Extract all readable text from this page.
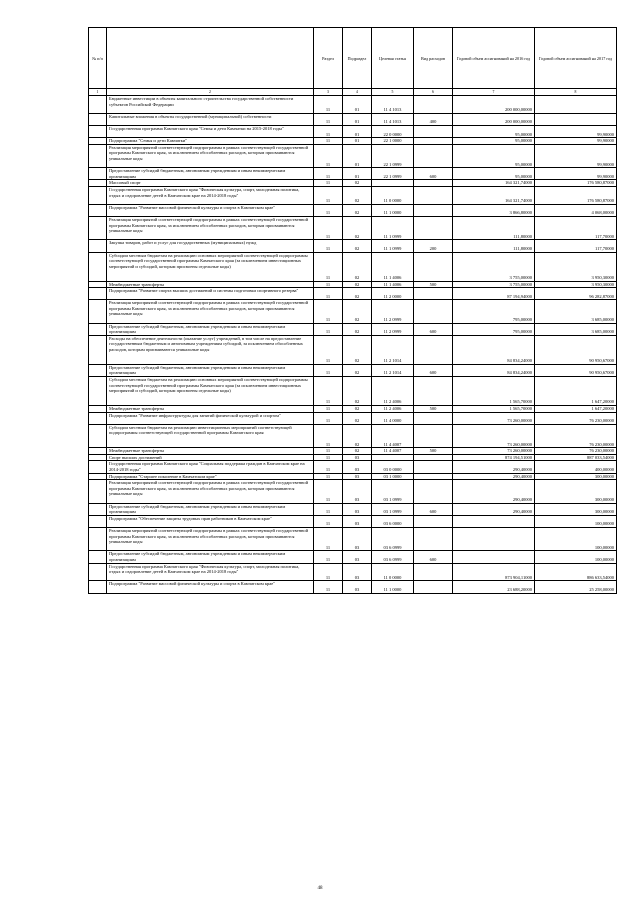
№ п/п		Раздел	Подраздел	Целевая статья	Вид расходов	Годовой объем ассигнований на 2016 год	Годовой объем ассигнований на 2017 год
1	2	3	4	5	6	7	8
	Бюджетные инвестиции в объекты капитального строительства государственной собственности субъектов Российской Федерации	11	01	11 4 1013		200 000,00000	
	Капитальные вложения в объекты государственной (муниципальной) собственности	11	01	11 4 1013	400	200 000,00000	
	Государственная программа Камчатского края "Семья и дети Камчатки на 2015-2018 годы"	11	01	22 0 0000		95,00000	99,90000
	Подпрограмма "Семья и дети Камчатки"	11	01	22 1 0000		95,00000	99,90000
	Реализация мероприятий соответствующей подпрограммы в рамках соответствующей государственной программы Камчатского края, за исключением обособленных расходов, которым присваиваются уникальные коды	11	01	22 1 0999		95,00000	99,90000
	Предоставление субсидий бюджетным, автономным учреждениям и иным некоммерческим организациям	11	01	22 1 0999	600	95,00000	99,90000
	Массовый спорт	11	02			164 321,74000	176 580,87000
	Государственная программа Камчатского края "Физическая культура, спорт, молодежная политика, отдых и оздоровление детей в Камчатском крае на 2014-2018 годы"	11	02	11 0 0000		164 321,74000	176 580,87000
	Подпрограмма "Развитие массовой физической культуры и спорта в Камчатском крае"	11	02	11 1 0000		3 866,80000	4 068,00000
	Реализация мероприятий соответствующей подпрограммы в рамках соответствующей государственной программы Камчатского края, за исключением обособленных расходов, которым присваиваются уникальные коды	11	02	11 1 0999		111,80000	117,70000
	Закупка товаров, работ и услуг для государственных (муниципальных) нужд	11	02	11 1 0999	200	111,80000	117,70000
	Субсидии местным бюджетам на реализацию основных мероприятий соответствующей подпрограммы соответствующей государственной программы Камчатского края (за исключением инвестиционных мероприятий и субсидий, которым присвоены отдельные коды)	11	02	11 1 4006		3 755,00000	3 950,30000
	Межбюджетные трансферты	11	02	11 1 4006	500	3 755,00000	3 950,30000
	Подпрограмма "Развитие спорта высших достижений и системы подготовки спортивного резерва"	11	02	11 2 0000		87 194,94000	96 282,87000
	Реализация мероприятий соответствующей подпрограммы в рамках соответствующей государственной программы Камчатского края, за исключением обособленных расходов, которым присваиваются уникальные коды	11	02	11 2 0999		795,00000	3 685,00000
	Предоставление субсидий бюджетным, автономным учреждениям и иным некоммерческим организациям	11	02	11 2 0999	600	795,00000	3 685,00000
	Расходы на обеспечение деятельности (оказание услуг) учреждений, в том числе на предоставление государственным бюджетным и автономным учреждениям субсидий, за исключением обособленных расходов, которым присваиваются уникальные коды	11	02	11 2 1014		84 834,24000	90 950,67000
	Предоставление субсидий бюджетным, автономным учреждениям и иным некоммерческим организациям	11	02	11 2 1014	600	84 834,24000	90 950,67000
	Субсидии местным бюджетам на реализацию основных мероприятий соответствующей подпрограммы соответствующей государственной программы Камчатского края (за исключением инвестиционных мероприятий и субсидий, которым присвоены отдельные коды)	11	02	11 2 4006		1 565,70000	1 647,20000
	Межбюджетные трансферты	11	02	11 2 4006	500	1 565,70000	1 647,20000
	Подпрограмма "Развитие инфраструктуры для занятий физической культурой и спортом"	11	02	11 4 0000		73 260,00000	76 230,00000
	Субсидии местным бюджетам на реализацию инвестиционных мероприятий соответствующей подпрограммы соответствующей государственной программы Камчатского края	11	02	11 4 4007		73 260,00000	76 230,00000
	Межбюджетные трансферты	11	02	11 4 4007	500	73 260,00000	76 230,00000
	Спорт высших достижений	11	03			874 194,51000	887 033,54000
	Государственная программа Камчатского края "Социальная поддержка граждан в Камчатском крае на 2014-2018 годы"	11	03	03 0 0000		290,40000	400,00000
	Подпрограмма "Старшее поколение в Камчатском крае"	11	03	03 1 0000		290,40000	300,00000
	Реализация мероприятий соответствующей подпрограммы в рамках соответствующей государственной программы Камчатского края, за исключением обособленных расходов, которым присваиваются уникальные коды	11	03	03 1 0999		290,40000	300,00000
	Предоставление субсидий бюджетным, автономным учреждениям и иным некоммерческим организациям	11	03	03 1 0999	600	290,40000	300,00000
	Подпрограмма "Обеспечение защиты трудовых прав работников в Камчатском крае"	11	03	03 6 0000			100,00000
	Реализация мероприятий соответствующей подпрограммы в рамках соответствующей государственной программы Камчатского края, за исключением обособленных расходов, которым присваиваются уникальные коды	11	03	03 6 0999			100,00000
	Предоставление субсидий бюджетным, автономным учреждениям и иным некоммерческим организациям	11	03	03 6 0999	600		100,00000
	Государственная программа Камчатского края "Физическая культура, спорт, молодежная политика, отдых и оздоровление детей в Камчатском крае на 2014-2018 годы"	11	03	11 0 0000		873 904,11000	886 633,54000
	Подпрограмма "Развитие массовой физической культуры и спорта в Камчатском крае"	11	03	11 1 0000		23 688,20000	25 258,00000
48
